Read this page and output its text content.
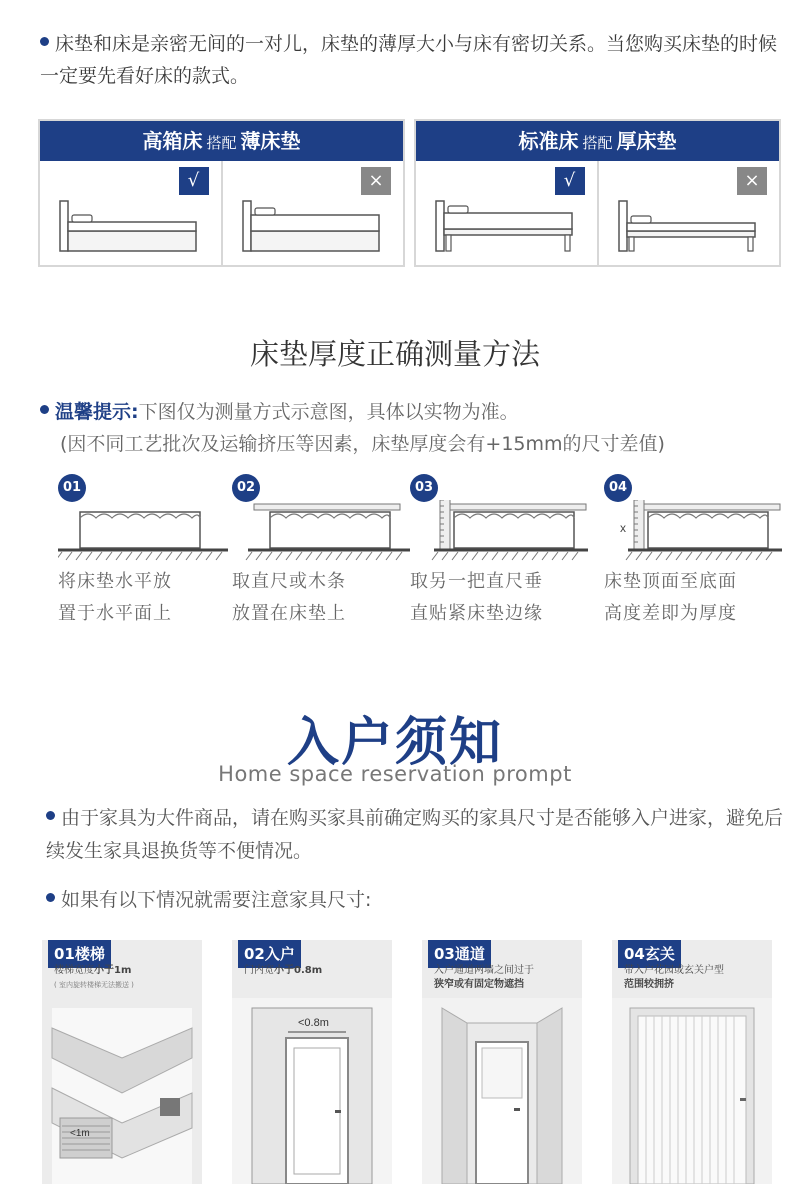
床垫和床是亲密无间的一对儿，床垫的薄厚大小与床有密切关系。当您购买床垫的时候一定要先看好床的款式。
高箱床 搭配 薄床垫
√	×
标准床 搭配 厚床垫
√	×
床垫厚度正确测量方法
温馨提示:下图仅为测量方式示意图，具体以实物为准。
(因不同工艺批次及运输挤压等因素，床垫厚度会有+15mm的尺寸差值)
01
将床垫水平放
置于水平面上
02
取直尺或木条
放置在床垫上
03
取另一把直尺垂
直贴紧床垫边缘
04
x
床垫顶面至底面
高度差即为厚度
入户须知
Home space reservation prompt
由于家具为大件商品，请在购买家具前确定购买的家具尺寸是否能够入户进家，避免后续发生家具退换货等不便情况。
如果有以下情况就需要注意家具尺寸:
01楼梯
楼梯宽度小于1m
( 室内旋转楼梯无法搬送 )
<1m
02入户
门内宽小于0.8m
<0.8m
03通道
入户通道两墙之间过于
狭窄或有固定物遮挡
04玄关
带入户花园或玄关户型
范围较拥挤
